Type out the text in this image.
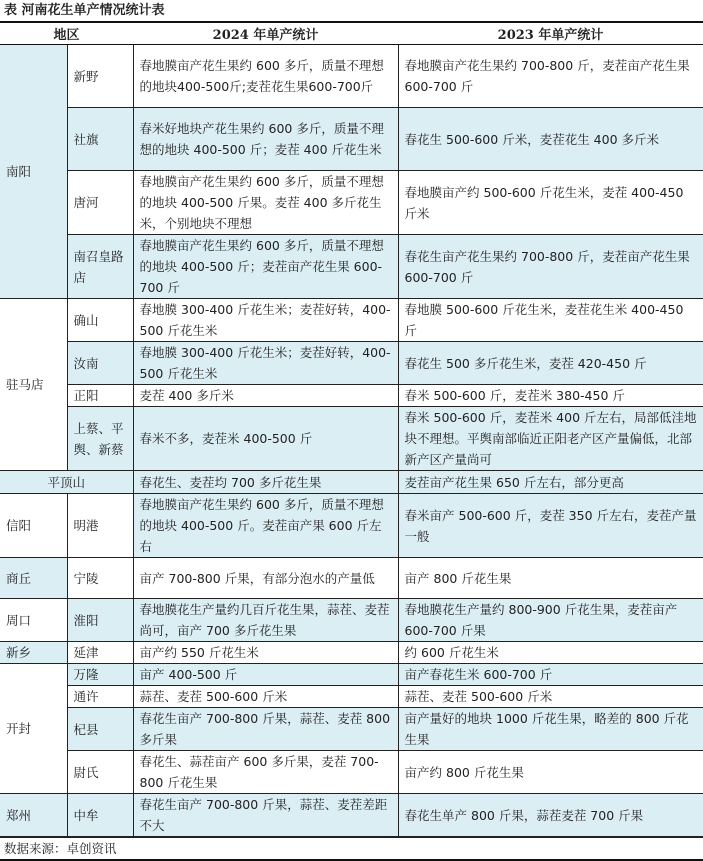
表 河南花生单产情况统计表
地区		2024 年单产统计	2023 年单产统计
南阳	新野	春地膜亩产花生果约 600 多斤，质量不理想的地块400-500斤;麦茬花生果600-700斤	春地膜亩产花生果约 700-800 斤，麦茬亩产花生果 600-700 斤
	社旗	春米好地块产花生果约 600 多斤，质量不理想的地块 400-500 斤；麦茬 400 斤花生米	春花生 500-600 斤米，麦茬花生 400 多斤米
	唐河	春地膜亩产花生果约 600 多斤，质量不理想的地块 400-500 斤果。麦茬 400 多斤花生米，个别地块不理想	春地膜亩产约 500-600 斤花生米，麦茬 400-450 斤米
	南召皇路店	春地膜亩产花生果约 600 多斤，质量不理想的地块 400-500 斤；麦茬亩产花生果 600-700 斤	春花生亩产花生果约 700-800 斤，麦茬亩产花生果 600-700 斤
驻马店	确山	春地膜 300-400 斤花生米；麦茬好转，400-500 斤花生米	春地膜 500-600 斤花生米，麦茬花生米 400-450 斤
	汝南	春地膜 300-400 斤花生米；麦茬好转，400-500 斤花生米	春花生 500 多斤花生米，麦茬 420-450 斤
	正阳	麦茬 400 多斤米	春米 500-600 斤，麦茬米 380-450 斤
	上蔡、平舆、新蔡	春米不多，麦茬米 400-500 斤	春米 500-600 斤，麦茬米 400 斤左右，局部低洼地块不理想。平舆南部临近正阳老产区产量偏低，北部新产区产量尚可
平顶山		春花生、麦茬均 700 多斤花生果	麦茬亩产花生果 650 斤左右，部分更高
信阳	明港	春地膜亩产花生果约 600 多斤，质量不理想的地块 400-500 斤。麦茬亩产果 600 斤左右	春米亩产 500-600 斤，麦茬 350 斤左右，麦茬产量一般
商丘	宁陵	亩产 700-800 斤果，有部分泡水的产量低	亩产 800 斤花生果
周口	淮阳	春地膜花生产量约几百斤花生果，蒜茬、麦茬尚可，亩产 700 多斤花生果	春地膜花生产量约 800-900 斤花生果，麦茬亩产 600-700 斤果
新乡	延津	亩产约 550 斤花生米	约 600 斤花生米
开封	万隆	亩产 400-500 斤	亩产春花生米 600-700 斤
	通许	蒜茬、麦茬 500-600 斤米	蒜茬、麦茬 500-600 斤米
	杞县	春花生亩产 700-800 斤果，蒜茬、麦茬 800 多斤果	亩产量好的地块 1000 斤花生果，略差的 800 斤花生果
	尉氏	春花生、蒜茬亩产 600 多斤果，麦茬 700-800 斤花生果	亩产约 800 斤花生果
郑州	中牟	春花生亩产 700-800 斤果，蒜茬、麦茬差距不大	春花生单产 800 斤果，蒜茬麦茬 700 斤果
数据来源：卓创资讯
